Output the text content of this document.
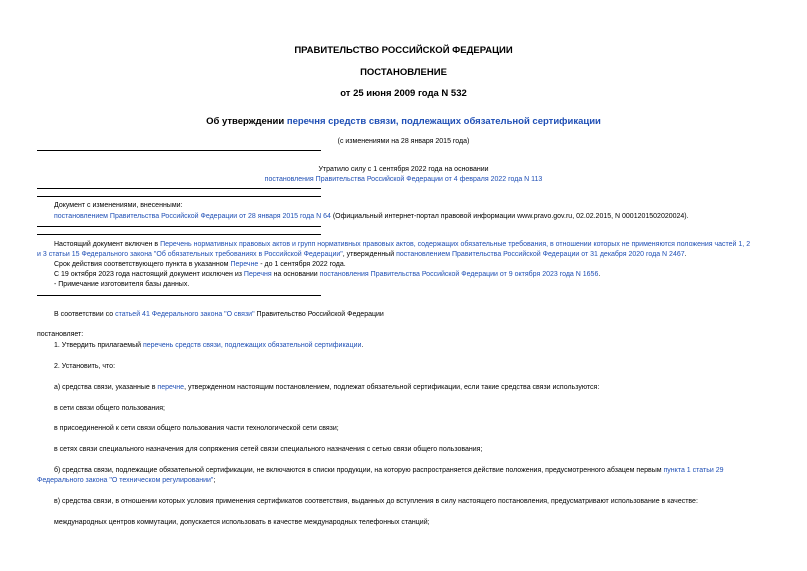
ПРАВИТЕЛЬСТВО РОССИЙСКОЙ ФЕДЕРАЦИИ
ПОСТАНОВЛЕНИЕ
от 25 июня 2009 года N 532
Об утверждении перечня средств связи, подлежащих обязательной сертификации
(с изменениями на 28 января 2015 года)
Утратило силу с 1 сентября 2022 года на основании
постановления Правительства Российской Федерации от 4 февраля 2022 года N 113
Документ с изменениями, внесенными:
постановлением Правительства Российской Федерации от 28 января 2015 года N 64 (Официальный интернет-портал правовой информации www.pravo.gov.ru, 02.02.2015, N 0001201502020024).
Настоящий документ включен в Перечень нормативных правовых актов и групп нормативных правовых актов, содержащих обязательные требования, в отношении которых не применяются положения частей 1, 2
и 3 статьи 15 Федерального закона "Об обязательных требованиях в Российской Федерации", утвержденный постановлением Правительства Российской Федерации от 31 декабря 2020 года N 2467.
Срок действия соответствующего пункта в указанном Перечне - до 1 сентября 2022 года.
С 19 октября 2023 года настоящий документ исключен из Перечня на основании постановления Правительства Российской Федерации от 9 октября 2023 года N 1656.
- Примечание изготовителя базы данных.
В соответствии со статьей 41 Федерального закона "О связи" Правительство Российской Федерации
постановляет:
1. Утвердить прилагаемый перечень средств связи, подлежащих обязательной сертификации.
2. Установить, что:
а) средства связи, указанные в перечне, утвержденном настоящим постановлением, подлежат обязательной сертификации, если такие средства связи используются:
в сети связи общего пользования;
в присоединенной к сети связи общего пользования части технологической сети связи;
в сетях связи специального назначения для сопряжения сетей связи специального назначения с сетью связи общего пользования;
б) средства связи, подлежащие обязательной сертификации, не включаются в списки продукции, на которую распространяется действие положения, предусмотренного абзацем первым пункта 1 статьи 29
Федерального закона "О техническом регулировании";
в) средства связи, в отношении которых условия применения сертификатов соответствия, выданных до вступления в силу настоящего постановления, предусматривают использование в качестве:
международных центров коммутации, допускается использовать в качестве международных телефонных станций;
